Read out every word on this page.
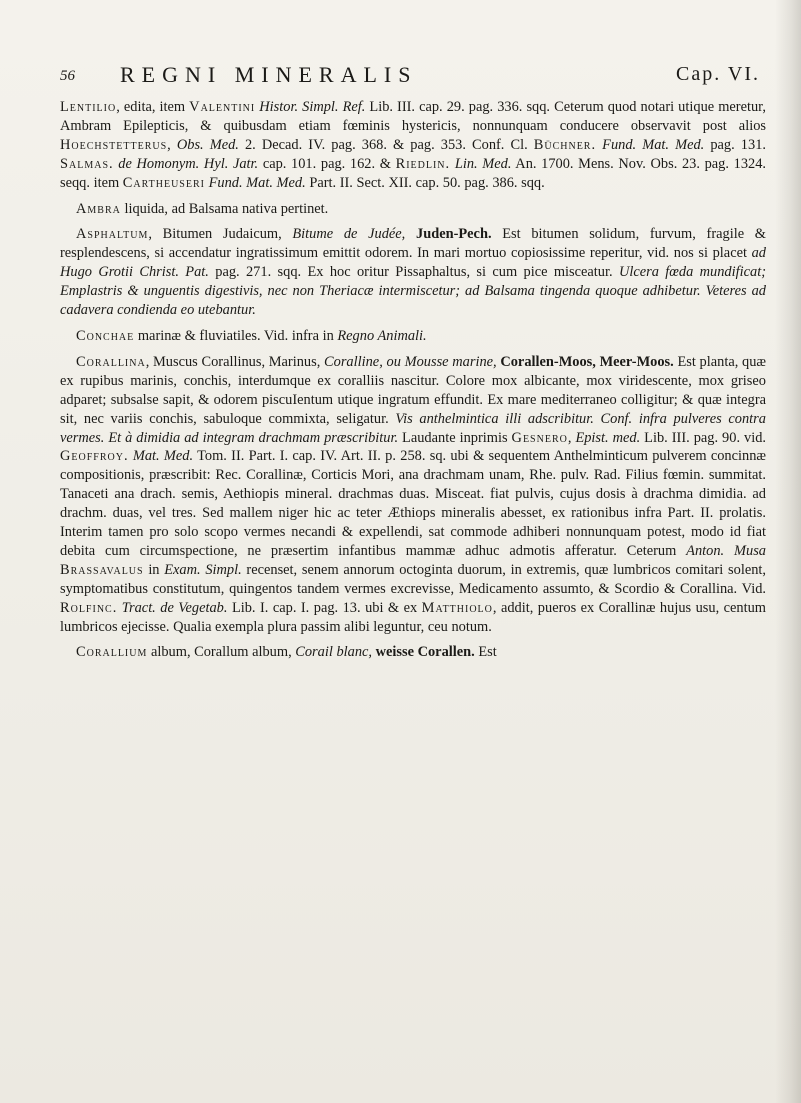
56 REGNI MINERALIS	Cap. VI.

Lentilio, edita, item Valentini Histor. Simpl. Ref. Lib. III. cap. 29. pag. 336. sqq. Ceterum quod notari utique meretur, Ambram Epilepticis, & quibusdam etiam fœminis hystericis, nonnunquam conducere observavit post alios Hoechstetterus, Obs. Med. 2. Decad. IV. pag. 368. & pag. 353. Conf. Cl. Büchner. Fund. Mat. Med. pag. 131. Salmas. de Homonym. Hyl. Jatr. cap. 101. pag. 162. & Riedlin. Lin. Med. An. 1700. Mens. Nov. Obs. 23. pag. 1324. seqq. item Cartheuseri Fund. Mat. Med. Part. II. Sect. XII. cap. 50. pag. 386. sqq.

Ambra liquida, ad Balsama nativa pertinet.

Asphaltum, Bitumen Judaicum, Bitume de Judée, Juden-Pech. Est bitumen solidum, furvum, fragile & resplendescens, si accendatur ingratissimum emittit odorem. In mari mortuo copiosissime reperitur, vid. nos si placet ad Hugo Grotii Christ. Pat. pag. 271. sqq. Ex hoc oritur Pissaphaltus, si cum pice misceatur. Ulcera fœda mundificat; Emplastris & unguentis digestivis, nec non Theriacæ intermiscetur; ad Balsama tingenda quoque adhibetur. Veteres ad cadavera condienda eo utebantur.

Conchae marinæ & fluviatiles. Vid. infra in Regno Animali.

Corallina, Muscus Corallinus, Marinus, Coralline, ou Mousse marine, Corallen-Moos, Meer-Moos. Est planta, quæ ex rupibus marinis, conchis, interdumque ex coralliis nascitur. Colore mox albicante, mox viridescente, mox griseo adparet; subsalse sapit, & odorem piscuIentum utique ingratum effundit. Ex mare mediterraneo colligitur; & quæ integra sit, nec variis conchis, sabuloque commixta, seligatur. Vis anthelmintica illi adscribitur. Conf. infra pulveres contra vermes. Et à dimidia ad integram drachmam præscribitur. Laudante inprimis Gesnero, Epist. med. Lib. III. pag. 90. vid. Geoffroy. Mat. Med. Tom. II. Part. I. cap. IV. Art. II. p. 258. sq. ubi & sequentem Anthelminticum pulverem concinnæ compositionis, præscribit: Rec. Corallinæ, Corticis Mori, ana drachmam unam, Rhe. pulv. Rad. Filius fœmin. summitat. Tanaceti ana drach. semis, Aethiopis mineral. drachmas duas. Misceat. fiat pulvis, cujus dosis à drachma dimidia. ad drachm. duas, vel tres. Sed mallem niger hic ac teter Æthiops mineralis abesset, ex rationibus infra Part. II. prolatis. Interim tamen pro solo scopo vermes necandi & expellendi, sat commode adhiberi nonnunquam potest, modo id fiat debita cum circumspectione, ne præsertim infantibus mammæ adhuc admotis afferatur. Ceterum Anton. Musa Brassavalus in Exam. Simpl. recenset, senem annorum octoginta duorum, in extremis, quæ lumbricos comitari solent, symptomatibus constitutum, quingentos tandem vermes excrevisse, Medicamento assumto, & Scordio & Corallina. Vid. Rolfinc. Tract. de Vegetab. Lib. I. cap. I. pag. 13. ubi & ex Matthiolo, addit, pueros ex Corallinæ hujus usu, centum lumbricos ejecisse. Qualia exempla plura passim alibi leguntur, ceu notum.

Corallium album, Corallum album, Corail blanc, weisse Corallen. Est
